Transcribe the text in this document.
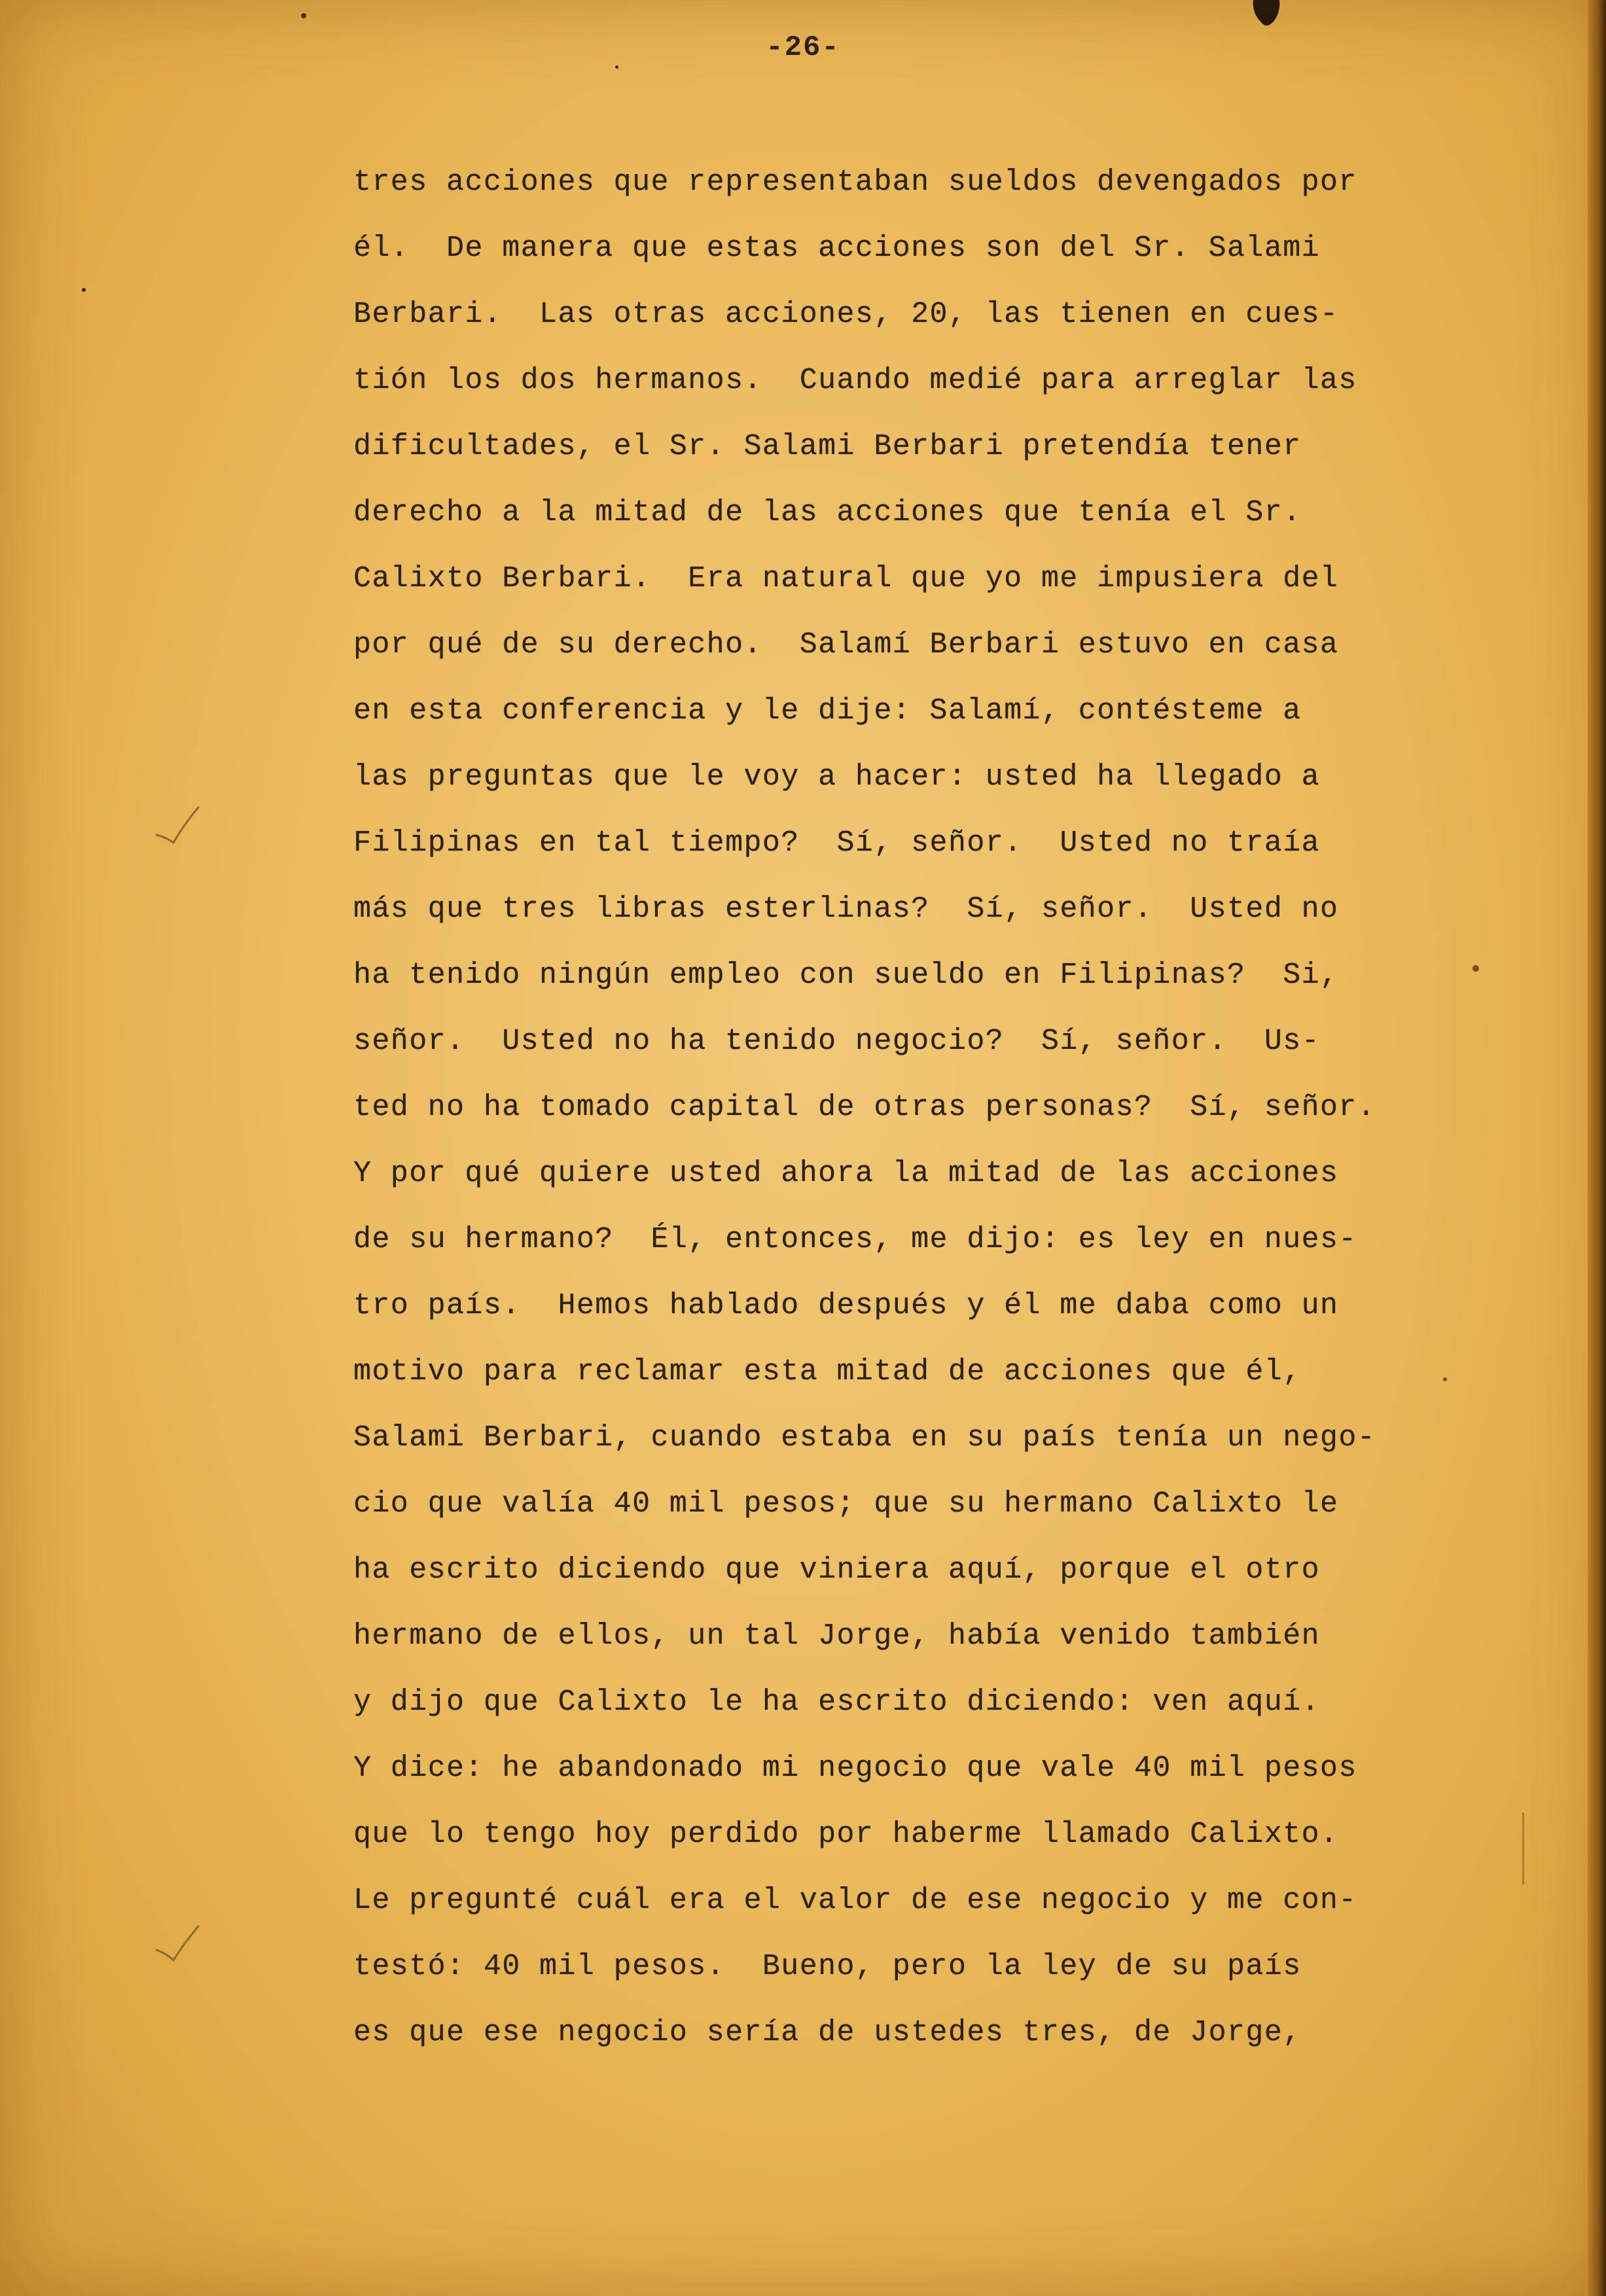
-26-
tres acciones que representaban sueldos devengados por
él.  De manera que estas acciones son del Sr. Salami
Berbari.  Las otras acciones, 20, las tienen en cues-
tión los dos hermanos.  Cuando medié para arreglar las
dificultades, el Sr. Salami Berbari pretendía tener
derecho a la mitad de las acciones que tenía el Sr.
Calixto Berbari.  Era natural que yo me impusiera del
por qué de su derecho.  Salamí Berbari estuvo en casa
en esta conferencia y le dije: Salamí, contésteme a
las preguntas que le voy a hacer: usted ha llegado a
Filipinas en tal tiempo?  Sí, señor.  Usted no traía
más que tres libras esterlinas?  Sí, señor.  Usted no
ha tenido ningún empleo con sueldo en Filipinas?  Si,
señor.  Usted no ha tenido negocio?  Sí, señor.  Us-
ted no ha tomado capital de otras personas?  Sí, señor.
Y por qué quiere usted ahora la mitad de las acciones
de su hermano?  Él, entonces, me dijo: es ley en nues-
tro país.  Hemos hablado después y él me daba como un
motivo para reclamar esta mitad de acciones que él,
Salami Berbari, cuando estaba en su país tenía un nego-
cio que valía 40 mil pesos; que su hermano Calixto le
ha escrito diciendo que viniera aquí, porque el otro
hermano de ellos, un tal Jorge, había venido también
y dijo que Calixto le ha escrito diciendo: ven aquí.
Y dice: he abandonado mi negocio que vale 40 mil pesos
que lo tengo hoy perdido por haberme llamado Calixto.
Le pregunté cuál era el valor de ese negocio y me con-
testó: 40 mil pesos.  Bueno, pero la ley de su país
es que ese negocio sería de ustedes tres, de Jorge,
